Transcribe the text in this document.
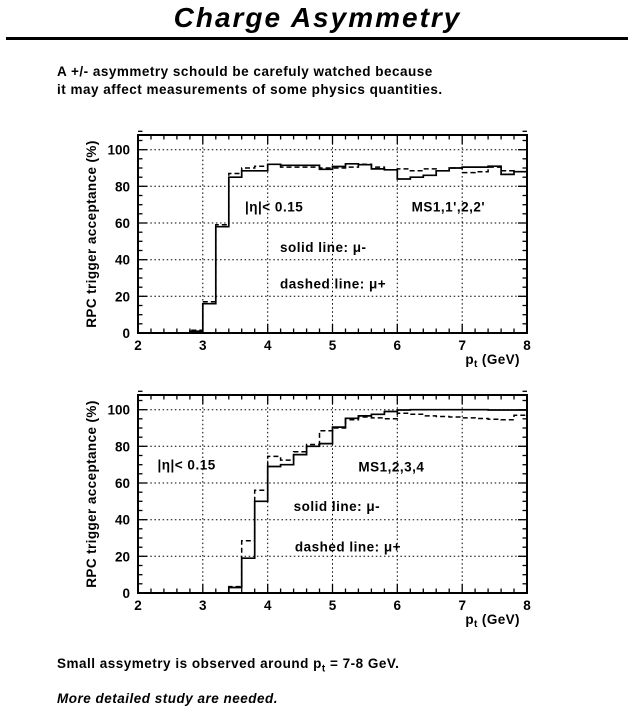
Charge Asymmetry
A +/- asymmetry schould be carefuly watched because
it may affect measurements of some physics quantities.
|η|< 0.15	MS1,1',2,2'
solid line: μ-
dashed line: μ+
2	3	4	5	6	7	8
0
20
40
60
80
100
RPC trigger acceptance (%)
$p_t$ (GeV)
|η|< 0.15	MS1,2,3,4
solid line: μ-
dashed line: μ+
2	3	4	5	6	7	8
0
20
40
60
80
100
RPC trigger acceptance (%)
$p_t$ (GeV)
Small assymetry is observed around $p_t = 7-8$ GeV.
More detailed study are needed.
